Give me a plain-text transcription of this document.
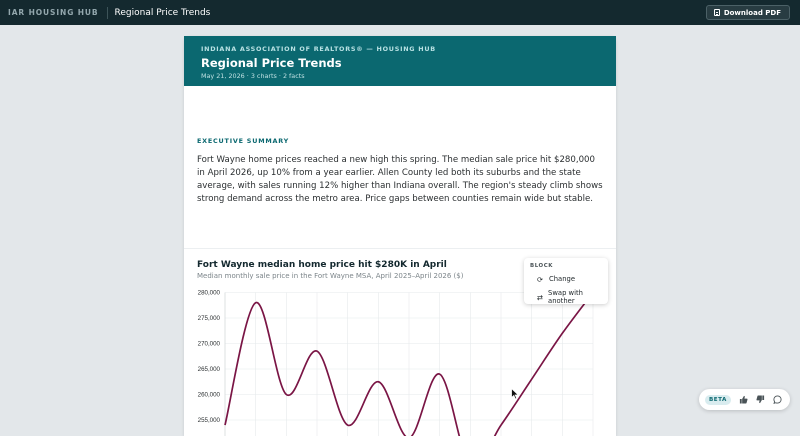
IAR HOUSING HUB Regional Price Trends	Download PDF
INDIANA ASSOCIATION OF REALTORS® — HOUSING HUB
Regional Price Trends
May 21, 2026 · 3 charts · 2 facts
EXECUTIVE SUMMARY

Fort Wayne home prices reached a new high this spring. The median sale price hit $280,000 in April 2026, up 10% from a year earlier. Allen County led both its suburbs and the state average, with sales running 12% higher than Indiana overall. The region's steady climb shows strong demand across the metro area. Price gaps between counties remain wide but stable.

Fort Wayne median home price hit $280K in April
Median monthly sale price in the Fort Wayne MSA, April 2025–April 2026 ($)
280,000
275,000
270,000
265,000
260,000
255,000
BLOCK
⟳ Change
⇄ Swap with another
BETA
